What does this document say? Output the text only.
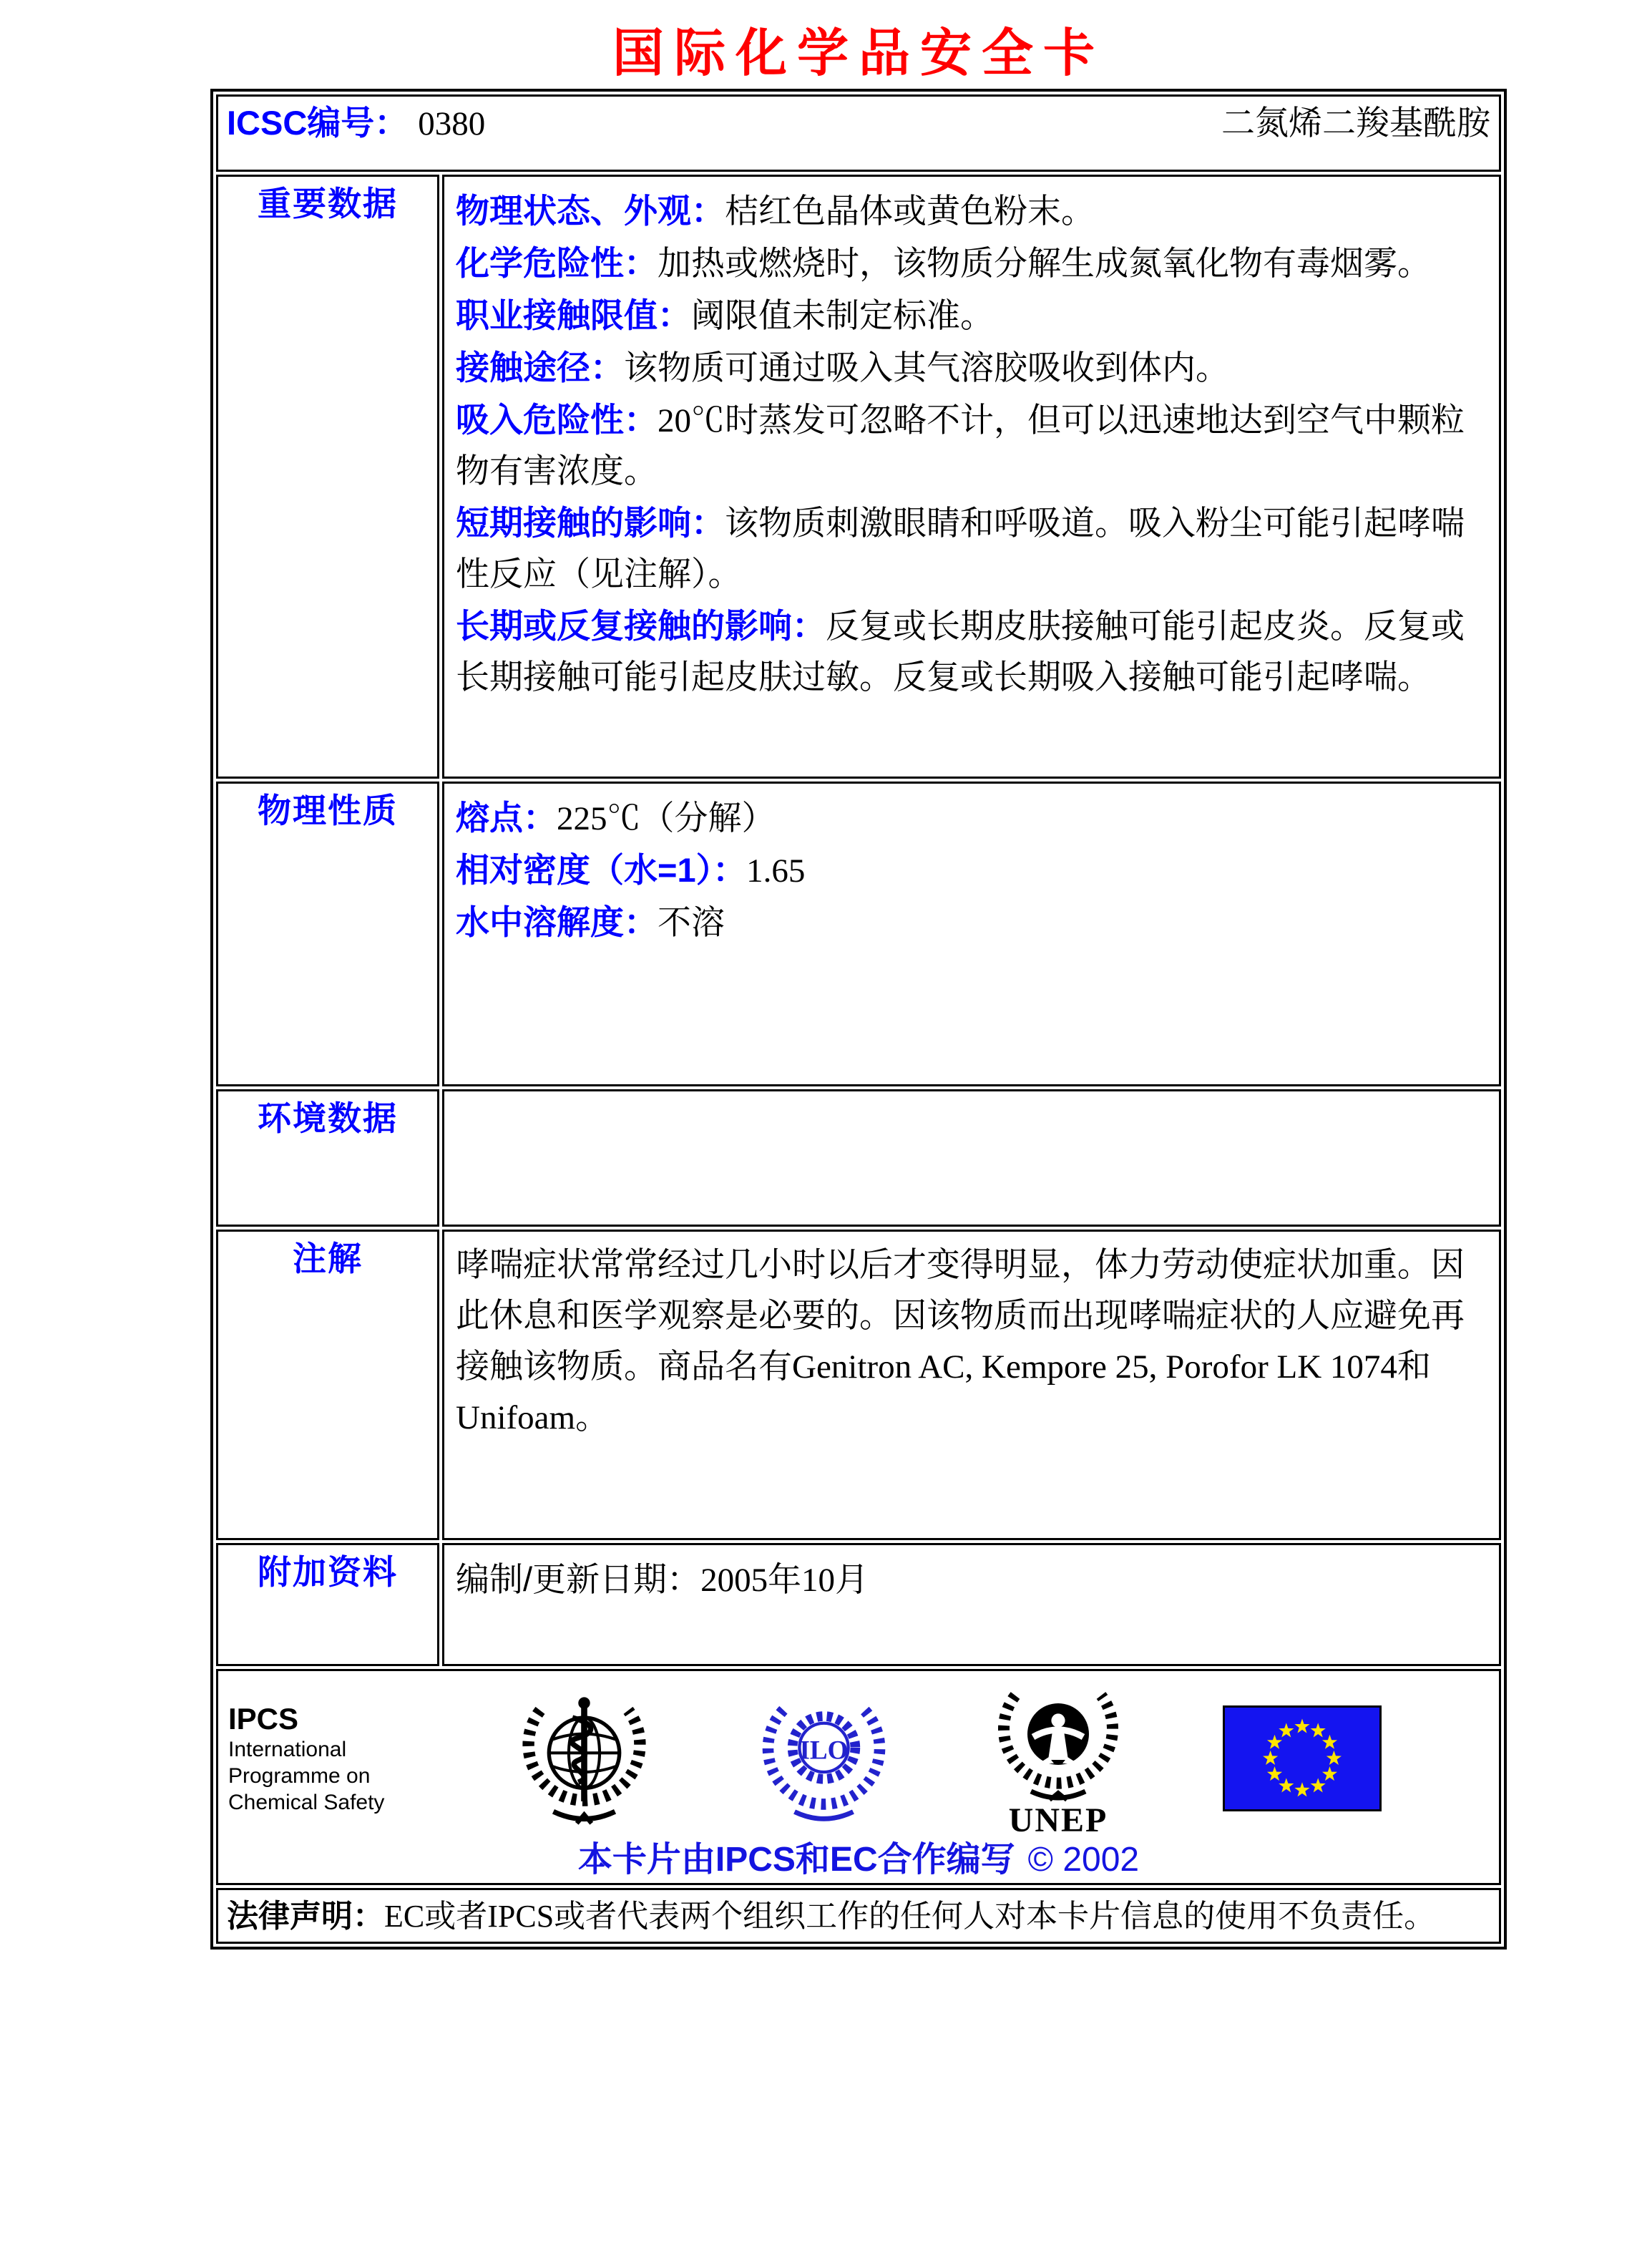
国际化学品安全卡
ICSC编号： 0380 二氮烯二羧基酰胺	

重要数据	物理状态、外观：桔红色晶体或黄色粉末。
化学危险性：加热或燃烧时，该物质分解生成氮氧化物有毒烟雾。
职业接触限值：阈限值未制定标准。
接触途径：该物质可通过吸入其气溶胶吸收到体内。
吸入危险性：20℃时蒸发可忽略不计，但可以迅速地达到空气中颗粒物有害浓度。
短期接触的影响：该物质刺激眼睛和呼吸道。吸入粉尘可能引起哮喘性反应（见注解）。
长期或反复接触的影响：反复或长期皮肤接触可能引起皮炎。反复或长期接触可能引起皮肤过敏。反复或长期吸入接触可能引起哮喘。

物理性质	熔点：225℃（分解）
相对密度（水=1）：1.65
水中溶解度：不溶

环境数据	
注解	哮喘症状常常经过几小时以后才变得明显，体力劳动使症状加重。因此休息和医学观察是必要的。因该物质而出现哮喘症状的人应避免再接触该物质。商品名有Genitron AC, Kempore 25, Porofor LK 1074和Unifoam。

附加资料	编制/更新日期：2005年10月

IPCS
International
Programme on
Chemical Safety
ILO
UNEP
本卡片由IPCS和EC合作编写 © 2002

法律声明：EC或者IPCS或者代表两个组织工作的任何人对本卡片信息的使用不负责任。	
